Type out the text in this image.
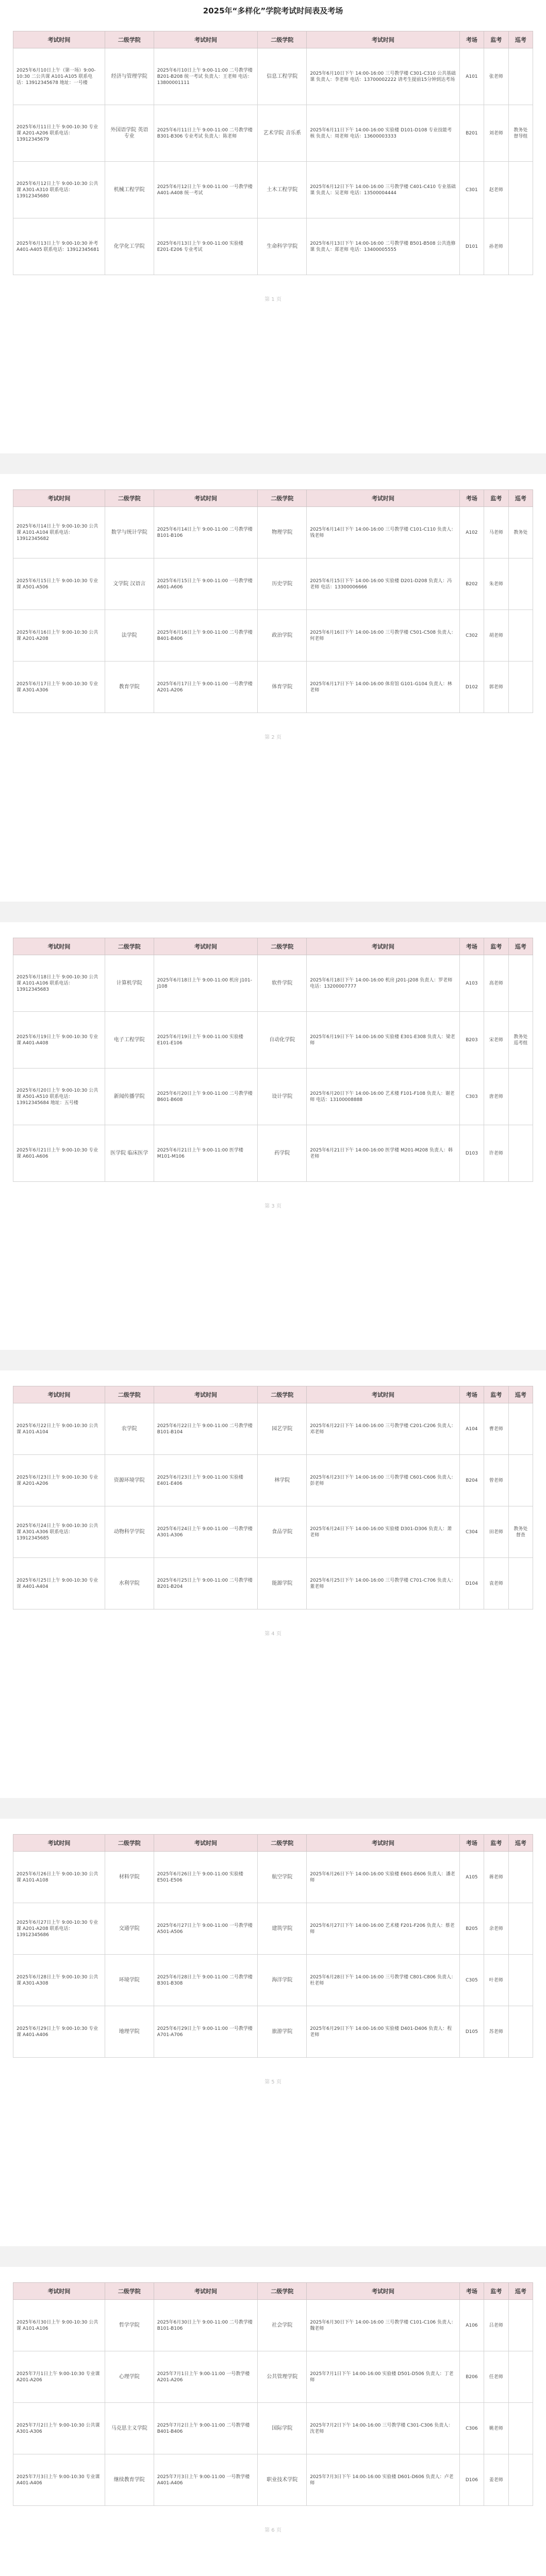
2025年“多样化”学院考试时间表及考场
考试时间	二级学院	考试时间	二级学院	考试时间	考场	监考	巡考
2025年6月10日上午（第一场）9:00-10:30 二公共课 A101-A105 联系电话：13912345678 地址：一号楼	经济与管理学院	2025年6月10日上午 9:00-11:00 二号教学楼 B201-B208 统一考试 负责人：王老师 电话：13800001111	信息工程学院	2025年6月10日下午 14:00-16:00 三号教学楼 C301-C310 公共基础课 负责人：李老师 电话：13700002222 请考生提前15分钟到达考场	A101	张老师	
2025年6月11日上午 9:00-10:30 专业课 A201-A206 联系电话：13912345679	外国语学院 英语专业	2025年6月11日上午 9:00-11:00 二号教学楼 B301-B306 专业考试 负责人：陈老师	艺术学院 音乐系	2025年6月11日下午 14:00-16:00 实验楼 D101-D108 专业技能考核 负责人：周老师 电话：13600003333	B201	刘老师	教务处 督导组
2025年6月12日上午 9:00-10:30 公共课 A301-A310 联系电话：13912345680	机械工程学院	2025年6月12日上午 9:00-11:00 一号教学楼 A401-A408 统一考试	土木工程学院	2025年6月12日下午 14:00-16:00 三号教学楼 C401-C410 专业基础课 负责人：吴老师 电话：13500004444	C301	赵老师	
2025年6月13日上午 9:00-10:30 补考 A401-A405 联系电话：13912345681	化学化工学院	2025年6月13日上午 9:00-11:00 实验楼 E201-E206 专业考试	生命科学学院	2025年6月13日下午 14:00-16:00 二号教学楼 B501-B508 公共选修课 负责人：郑老师 电话：13400005555	D101	孙老师	
第 1 页
考试时间	二级学院	考试时间	二级学院	考试时间	考场	监考	巡考
2025年6月14日上午 9:00-10:30 公共课 A101-A104 联系电话：13912345682	数学与统计学院	2025年6月14日上午 9:00-11:00 二号教学楼 B101-B106	物理学院	2025年6月14日下午 14:00-16:00 三号教学楼 C101-C110 负责人：钱老师	A102	马老师	教务处
2025年6月15日上午 9:00-10:30 专业课 A501-A506	文学院 汉语言	2025年6月15日上午 9:00-11:00 一号教学楼 A601-A606	历史学院	2025年6月15日下午 14:00-16:00 实验楼 D201-D208 负责人：冯老师 电话：13300006666	B202	朱老师	
2025年6月16日上午 9:00-10:30 公共课 A201-A208	法学院	2025年6月16日上午 9:00-11:00 二号教学楼 B401-B406	政治学院	2025年6月16日下午 14:00-16:00 三号教学楼 C501-C508 负责人：何老师	C302	胡老师	
2025年6月17日上午 9:00-10:30 专业课 A301-A306	教育学院	2025年6月17日上午 9:00-11:00 一号教学楼 A201-A206	体育学院	2025年6月17日下午 14:00-16:00 体育馆 G101-G104 负责人：林老师	D102	郭老师	
第 2 页
考试时间	二级学院	考试时间	二级学院	考试时间	考场	监考	巡考
2025年6月18日上午 9:00-10:30 公共课 A101-A106 联系电话：13912345683	计算机学院	2025年6月18日上午 9:00-11:00 机房 J101-J108	软件学院	2025年6月18日下午 14:00-16:00 机房 J201-J208 负责人：罗老师 电话：13200007777	A103	高老师	
2025年6月19日上午 9:00-10:30 专业课 A401-A408	电子工程学院	2025年6月19日上午 9:00-11:00 实验楼 E101-E106	自动化学院	2025年6月19日下午 14:00-16:00 实验楼 E301-E308 负责人：梁老师	B203	宋老师	教务处 巡考组
2025年6月20日上午 9:00-10:30 公共课 A501-A510 联系电话：13912345684 地址：五号楼	新闻传播学院	2025年6月20日上午 9:00-11:00 二号教学楼 B601-B608	设计学院	2025年6月20日下午 14:00-16:00 艺术楼 F101-F108 负责人：谢老师 电话：13100008888	C303	唐老师	
2025年6月21日上午 9:00-10:30 专业课 A601-A606	医学院 临床医学	2025年6月21日上午 9:00-11:00 医学楼 M101-M106	药学院	2025年6月21日下午 14:00-16:00 医学楼 M201-M208 负责人：韩老师	D103	许老师	
第 3 页
考试时间	二级学院	考试时间	二级学院	考试时间	考场	监考	巡考
2025年6月22日上午 9:00-10:30 公共课 A101-A104	农学院	2025年6月22日上午 9:00-11:00 二号教学楼 B101-B104	园艺学院	2025年6月22日下午 14:00-16:00 三号教学楼 C201-C206 负责人：邓老师	A104	曹老师	
2025年6月23日上午 9:00-10:30 专业课 A201-A206	资源环境学院	2025年6月23日上午 9:00-11:00 实验楼 E401-E406	林学院	2025年6月23日下午 14:00-16:00 三号教学楼 C601-C606 负责人：彭老师	B204	曾老师	
2025年6月24日上午 9:00-10:30 公共课 A301-A306 联系电话：13912345685	动物科学学院	2025年6月24日上午 9:00-11:00 一号教学楼 A301-A306	食品学院	2025年6月24日下午 14:00-16:00 实验楼 D301-D306 负责人：萧老师	C304	田老师	教务处 督查
2025年6月25日上午 9:00-10:30 专业课 A401-A404	水利学院	2025年6月25日上午 9:00-11:00 二号教学楼 B201-B204	能源学院	2025年6月25日下午 14:00-16:00 三号教学楼 C701-C706 负责人：董老师	D104	袁老师	
第 4 页
考试时间	二级学院	考试时间	二级学院	考试时间	考场	监考	巡考
2025年6月26日上午 9:00-10:30 公共课 A101-A108	材料学院	2025年6月26日上午 9:00-11:00 实验楼 E501-E506	航空学院	2025年6月26日下午 14:00-16:00 实验楼 E601-E606 负责人：潘老师	A105	蒋老师	
2025年6月27日上午 9:00-10:30 专业课 A201-A208 联系电话：13912345686	交通学院	2025年6月27日上午 9:00-11:00 一号教学楼 A501-A506	建筑学院	2025年6月27日下午 14:00-16:00 艺术楼 F201-F206 负责人：蔡老师	B205	余老师	
2025年6月28日上午 9:00-10:30 公共课 A301-A308	环境学院	2025年6月28日上午 9:00-11:00 二号教学楼 B301-B308	海洋学院	2025年6月28日下午 14:00-16:00 三号教学楼 C801-C806 负责人：杜老师	C305	叶老师	
2025年6月29日上午 9:00-10:30 专业课 A401-A406	地理学院	2025年6月29日上午 9:00-11:00 一号教学楼 A701-A706	旅游学院	2025年6月29日下午 14:00-16:00 实验楼 D401-D406 负责人：程老师	D105	苏老师	
第 5 页
考试时间	二级学院	考试时间	二级学院	考试时间	考场	监考	巡考
2025年6月30日上午 9:00-10:30 公共课 A101-A106	哲学学院	2025年6月30日上午 9:00-11:00 二号教学楼 B101-B106	社会学院	2025年6月30日下午 14:00-16:00 三号教学楼 C101-C106 负责人：魏老师	A106	吕老师	
2025年7月1日上午 9:00-10:30 专业课 A201-A206	心理学院	2025年7月1日上午 9:00-11:00 一号教学楼 A201-A206	公共管理学院	2025年7月1日下午 14:00-16:00 实验楼 D501-D506 负责人：丁老师	B206	任老师	
2025年7月2日上午 9:00-10:30 公共课 A301-A306	马克思主义学院	2025年7月2日上午 9:00-11:00 二号教学楼 B401-B406	国际学院	2025年7月2日下午 14:00-16:00 三号教学楼 C301-C306 负责人：沈老师	C306	姚老师	
2025年7月3日上午 9:00-10:30 专业课 A401-A406	继续教育学院	2025年7月3日上午 9:00-11:00 一号教学楼 A401-A406	职业技术学院	2025年7月3日下午 14:00-16:00 实验楼 D601-D606 负责人：卢老师	D106	姜老师	
第 6 页
